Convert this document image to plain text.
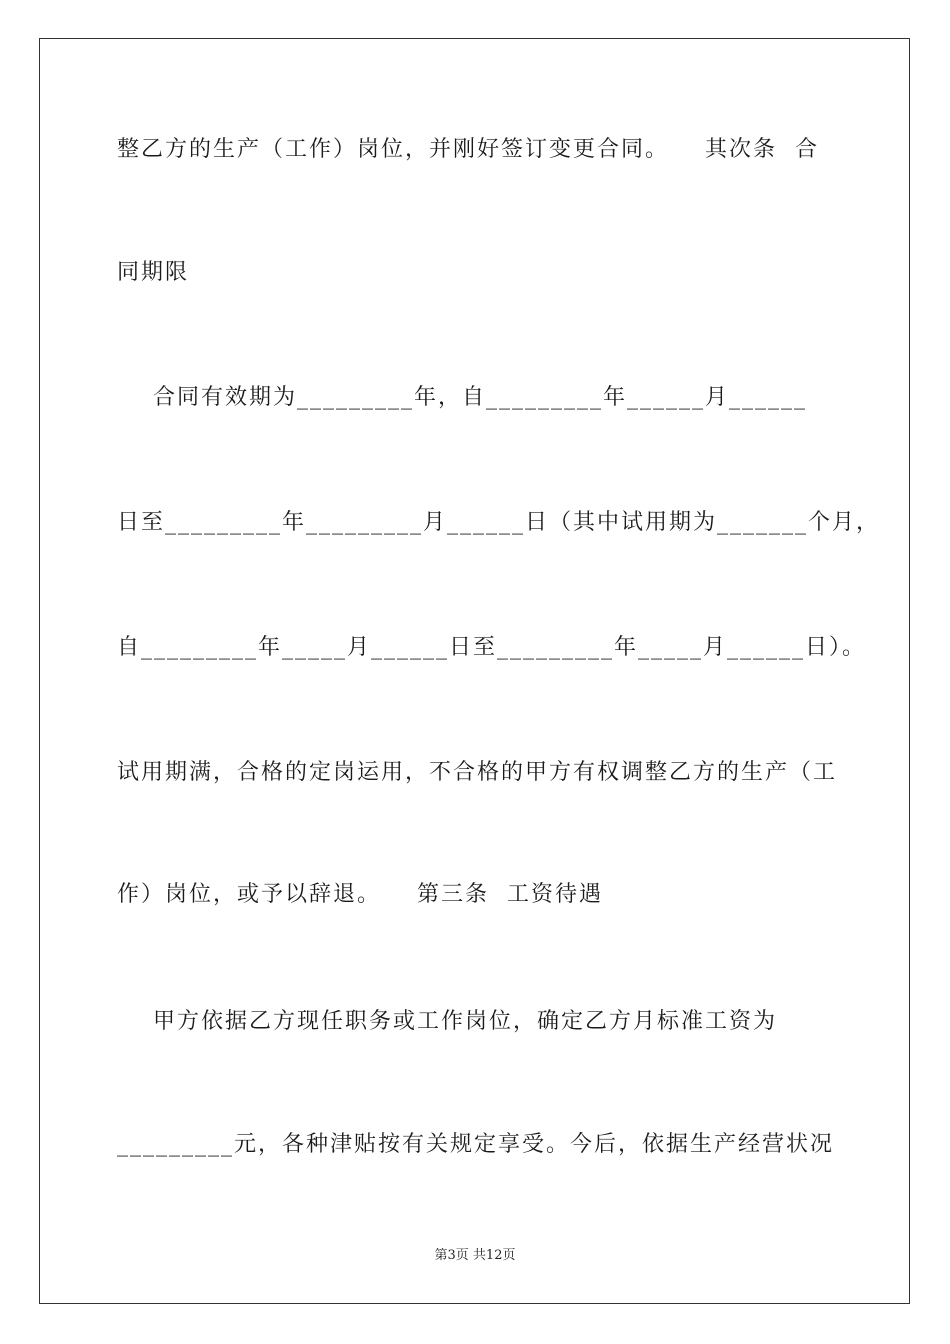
整乙方的生产（工作）岗位，并刚好签订变更合同。    其次条  合
同期限
合同有效期为_________年，自_________年______月______
日至_________年_________月______日（其中试用期为_______个月，
自_________年_____月______日至_________年_____月______日）。
试用期满，合格的定岗运用，不合格的甲方有权调整乙方的生产（工
作）岗位，或予以辞退。    第三条  工资待遇
甲方依据乙方现任职务或工作岗位，确定乙方月标准工资为
_________元，各种津贴按有关规定享受。今后，依据生产经营状况
第3页 共12页
